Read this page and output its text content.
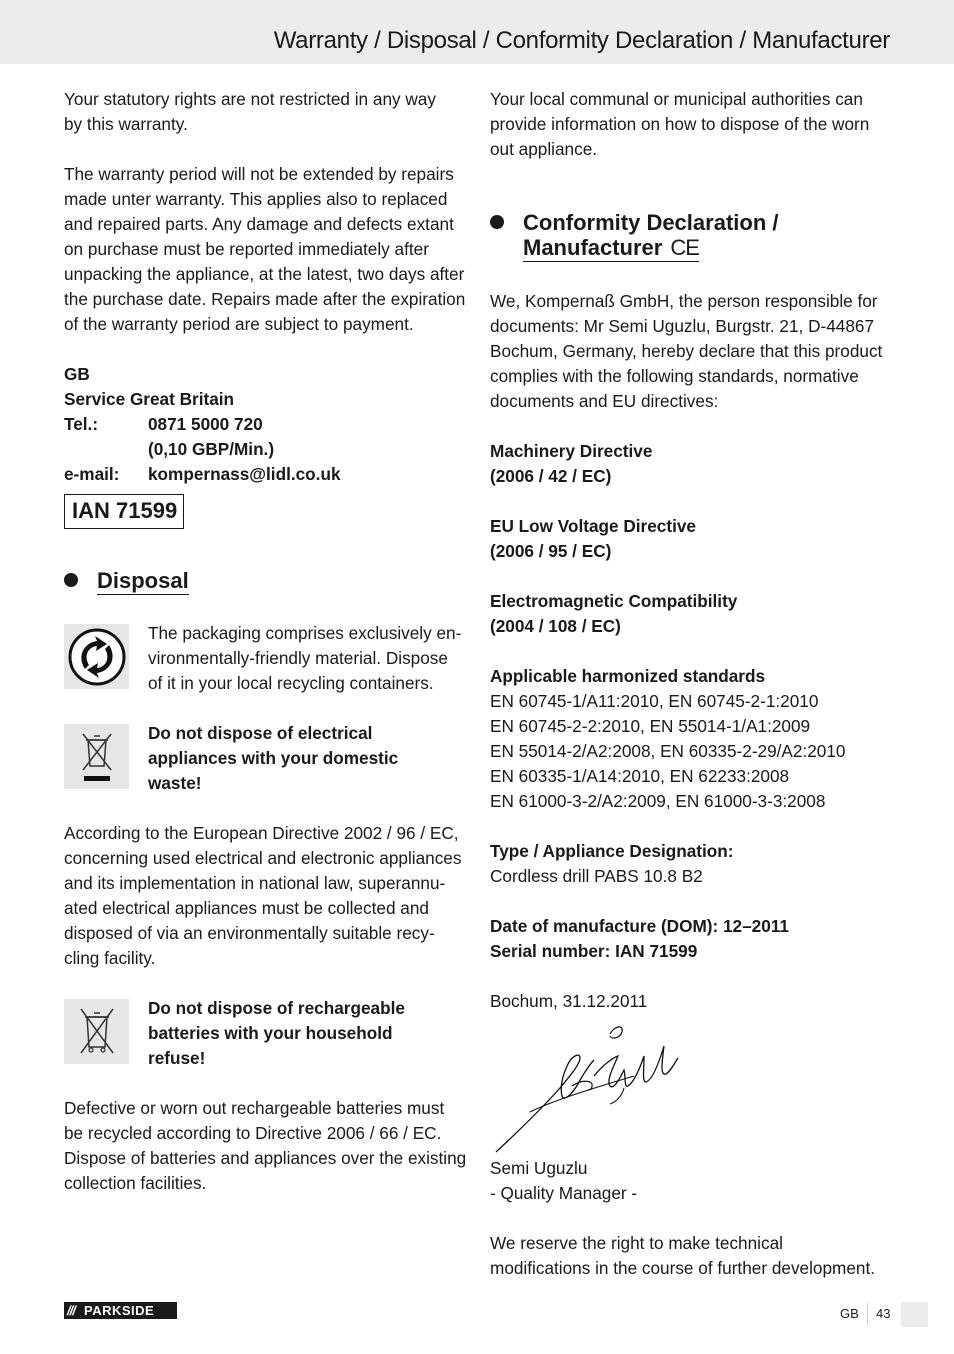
Warranty / Disposal / Conformity Declaration / Manufacturer
Your statutory rights are not restricted in any way
by this warranty.
The warranty period will not be extended by repairs
made unter warranty. This applies also to replaced
and repaired parts. Any damage and defects extant
on purchase must be reported immediately after
unpacking the appliance, at the latest, two days after
the purchase date. Repairs made after the expiration
of the warranty period are subject to payment.
GB
Service Great Britain
Tel.:	0871 5000 720
(0,10 GBP/Min.)
e-mail:	kompernass@lidl.co.uk
IAN 71599
Disposal
The packaging comprises exclusively en-
vironmentally-friendly material. Dispose
of it in your local recycling containers.
Do not dispose of electrical
appliances with your domestic
waste!
According to the European Directive 2002 / 96 / EC,
concerning used electrical and electronic appliances
and its implementation in national law, superannu-
ated electrical appliances must be collected and
disposed of via an environmentally suitable recy-
cling facility.
Do not dispose of rechargeable
batteries with your household
refuse!
Defective or worn out rechargeable batteries must
be recycled according to Directive 2006 / 66 / EC.
Dispose of batteries and appliances over the existing
collection facilities.
Your local communal or municipal authorities can
provide information on how to dispose of the worn
out appliance.
Conformity Declaration /
Manufacturer CE
We, Kompernaß GmbH, the person responsible for
documents: Mr Semi Uguzlu, Burgstr. 21, D-44867
Bochum, Germany, hereby declare that this product
complies with the following standards, normative
documents and EU directives:
Machinery Directive
(2006 / 42 / EC)
EU Low Voltage Directive
(2006 / 95 / EC)
Electromagnetic Compatibility
(2004 / 108 / EC)
Applicable harmonized standards
EN 60745-1/A11:2010, EN 60745-2-1:2010
EN 60745-2-2:2010, EN 55014-1/A1:2009
EN 55014-2/A2:2008, EN 60335-2-29/A2:2010
EN 60335-1/A14:2010, EN 62233:2008
EN 61000-3-2/A2:2009, EN 61000-3-3:2008
Type / Appliance Designation:
Cordless drill PABS 10.8 B2
Date of manufacture (DOM): 12–2011
Serial number: IAN 71599
Bochum, 31.12.2011
Semi Uguzlu
- Quality Manager -
We reserve the right to make technical
modifications in the course of further development.
/// PARKSIDE	GB 43
